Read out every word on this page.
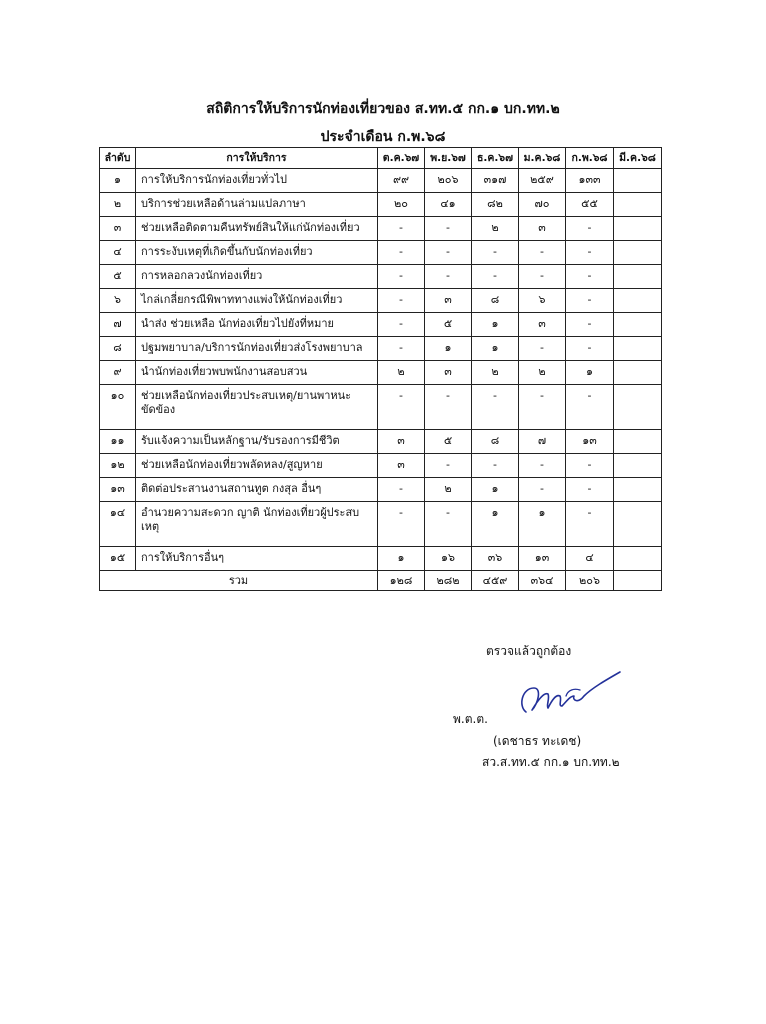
สถิติการให้บริการนักท่องเที่ยวของ ส.ทท.๕ กก.๑ บก.ทท.๒
ประจำเดือน ก.พ.๖๘
ลำดับ	การให้บริการ	ต.ค.๖๗	พ.ย.๖๗	ธ.ค.๖๗	ม.ค.๖๘	ก.พ.๖๘	มี.ค.๖๘
๑	การให้บริการนักท่องเที่ยวทั่วไป	๙๙	๒๐๖	๓๑๗	๒๕๙	๑๓๓	
๒	บริการช่วยเหลือด้านล่ามแปลภาษา	๒๐	๔๑	๘๒	๗๐	๕๕	
๓	ช่วยเหลือติดตามคืนทรัพย์สินให้แก่นักท่องเที่ยว	-	-	๒	๓	-	
๔	การระงับเหตุที่เกิดขึ้นกับนักท่องเที่ยว	-	-	-	-	-	
๕	การหลอกลวงนักท่องเที่ยว	-	-	-	-	-	
๖	ไกล่เกลี่ยกรณีพิพาททางแพ่งให้นักท่องเที่ยว	-	๓	๘	๖	-	
๗	นำส่ง ช่วยเหลือ นักท่องเที่ยวไปยังที่หมาย	-	๕	๑	๓	-	
๘	ปฐมพยาบาล/บริการนักท่องเที่ยวส่งโรงพยาบาล	-	๑	๑	-	-	
๙	นำนักท่องเที่ยวพบพนักงานสอบสวน	๒	๓	๒	๒	๑	
๑๐	ช่วยเหลือนักท่องเที่ยวประสบเหตุ/ยานพาหนะขัดข้อง	-	-	-	-	-	
๑๑	รับแจ้งความเป็นหลักฐาน/รับรองการมีชีวิต	๓	๕	๘	๗	๑๓	
๑๒	ช่วยเหลือนักท่องเที่ยวพลัดหลง/สูญหาย	๓	-	-	-	-	
๑๓	ติดต่อประสานงานสถานทูต กงสุล อื่นๆ	-	๒	๑	-	-	
๑๔	อำนวยความสะดวก ญาติ นักท่องเที่ยวผู้ประสบเหตุ	-	-	๑	๑	-	
๑๕	การให้บริการอื่นๆ	๑	๑๖	๓๖	๑๓	๔	
รวม		๑๒๘	๒๘๒	๔๕๙	๓๖๔	๒๐๖	
ตรวจแล้วถูกต้อง
พ.ต.ต.
(เดชาธร ทะเดช)
สว.ส.ทท.๕ กก.๑ บก.ทท.๒
